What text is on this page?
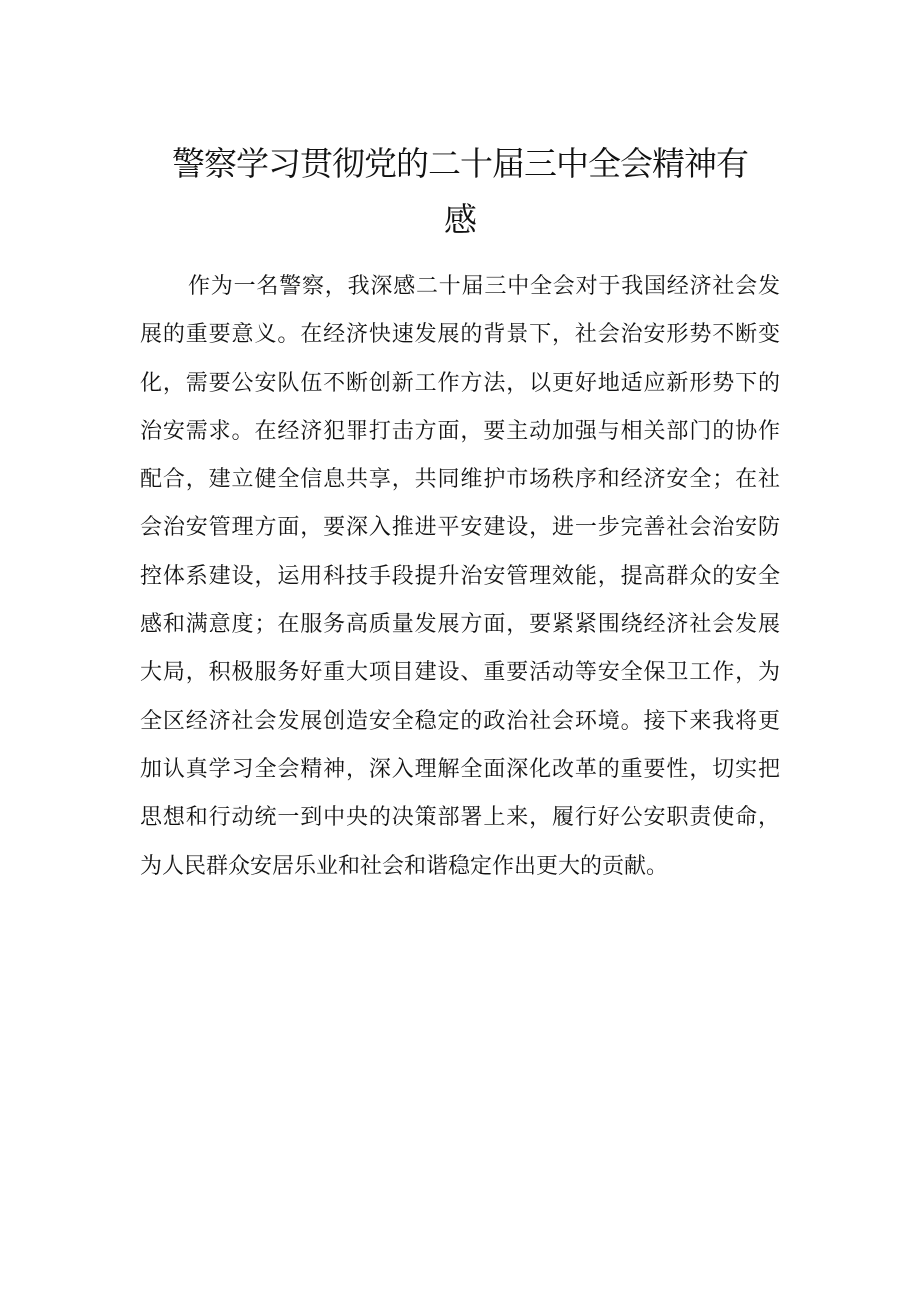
警察学习贯彻党的二十届三中全会精神有
感
作为一名警察，我深感二十届三中全会对于我国经济社会发
展的重要意义。在经济快速发展的背景下，社会治安形势不断变
化，需要公安队伍不断创新工作方法，以更好地适应新形势下的
治安需求。在经济犯罪打击方面，要主动加强与相关部门的协作
配合，建立健全信息共享，共同维护市场秩序和经济安全；在社
会治安管理方面，要深入推进平安建设，进一步完善社会治安防
控体系建设，运用科技手段提升治安管理效能，提高群众的安全
感和满意度；在服务高质量发展方面，要紧紧围绕经济社会发展
大局，积极服务好重大项目建设、重要活动等安全保卫工作，为
全区经济社会发展创造安全稳定的政治社会环境。接下来我将更
加认真学习全会精神，深入理解全面深化改革的重要性，切实把
思想和行动统一到中央的决策部署上来，履行好公安职责使命，
为人民群众安居乐业和社会和谐稳定作出更大的贡献。
